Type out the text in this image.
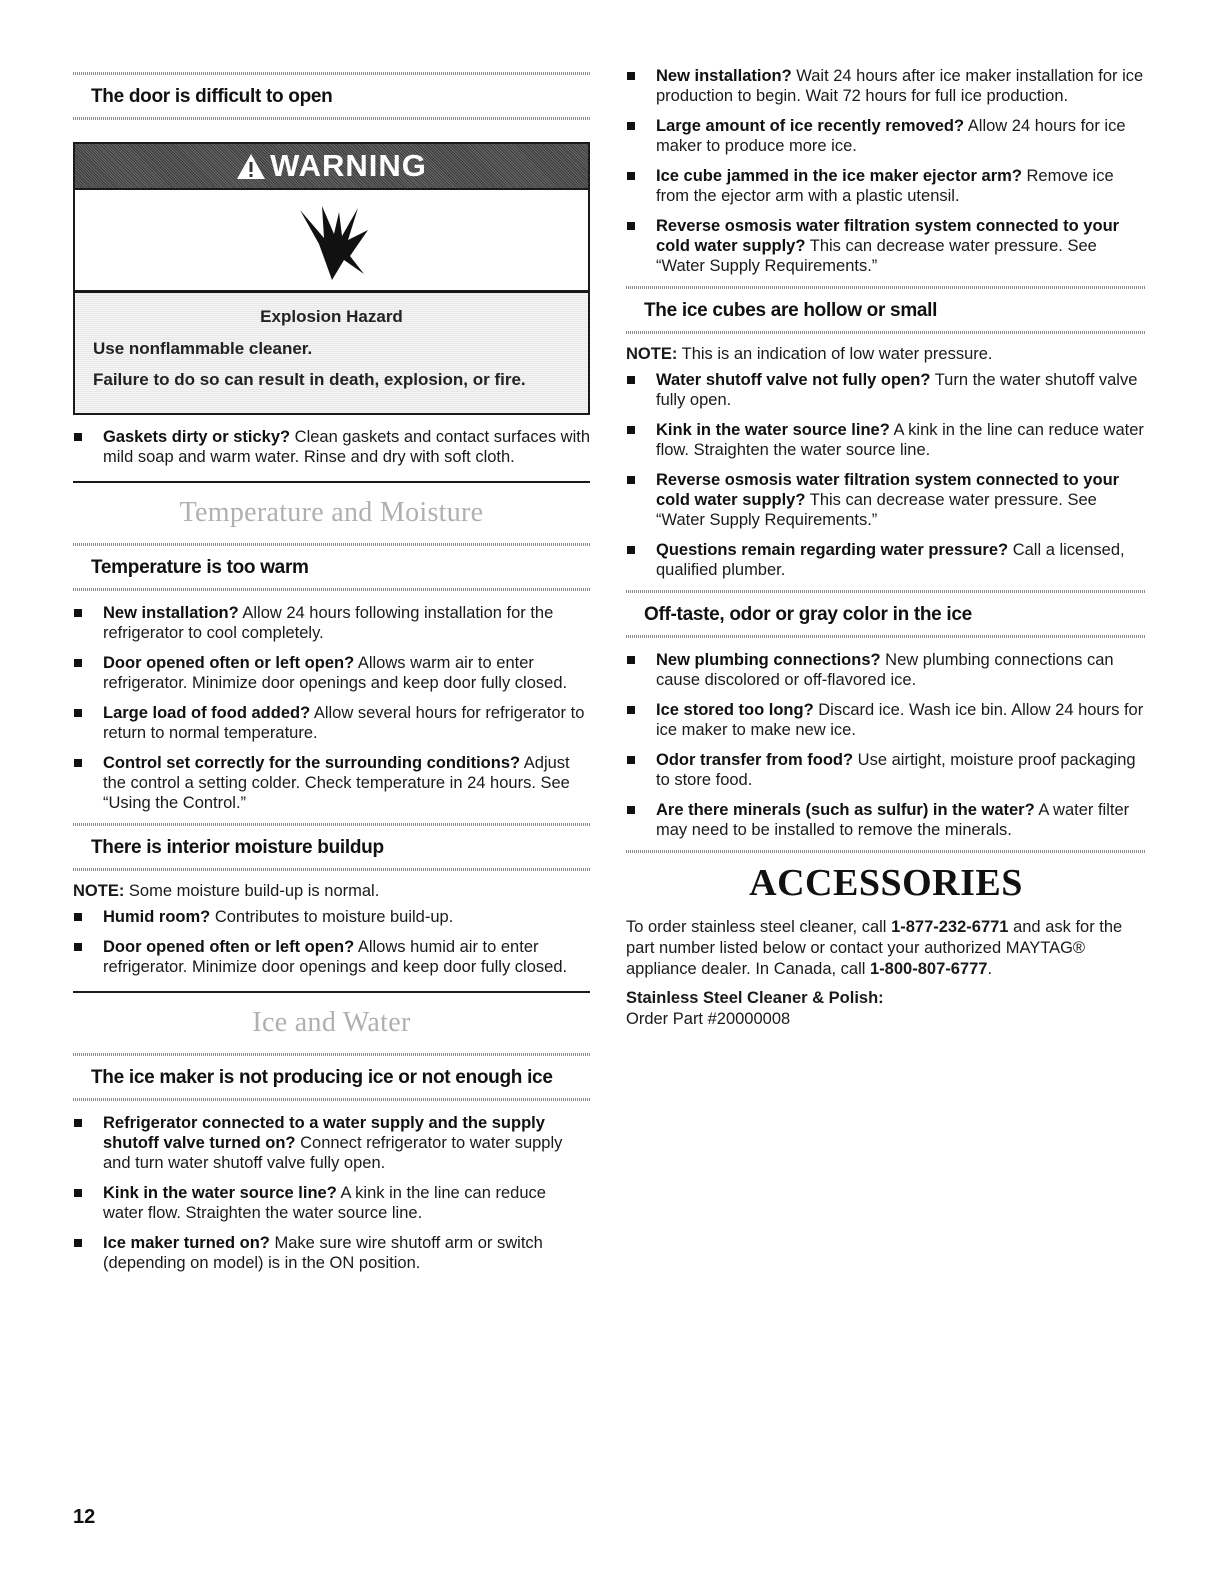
The door is difficult to open
WARNING
Explosion Hazard

Use nonflammable cleaner.

Failure to do so can result in death, explosion, or fire.

Gaskets dirty or sticky? Clean gaskets and contact surfaces with mild soap and warm water. Rinse and dry with soft cloth.
Temperature and Moisture
Temperature is too warm
New installation? Allow 24 hours following installation for the refrigerator to cool completely.
Door opened often or left open? Allows warm air to enter refrigerator. Minimize door openings and keep door fully closed.
Large load of food added? Allow several hours for refrigerator to return to normal temperature.
Control set correctly for the surrounding conditions? Adjust the control a setting colder. Check temperature in 24 hours. See “Using the Control.”
There is interior moisture buildup

NOTE: Some moisture build-up is normal.

Humid room? Contributes to moisture build-up.
Door opened often or left open? Allows humid air to enter refrigerator. Minimize door openings and keep door fully closed.
Ice and Water
The ice maker is not producing ice or not enough ice
Refrigerator connected to a water supply and the supply shutoff valve turned on? Connect refrigerator to water supply and turn water shutoff valve fully open.
Kink in the water source line? A kink in the line can reduce water flow. Straighten the water source line.
Ice maker turned on? Make sure wire shutoff arm or switch (depending on model) is in the ON position.
New installation? Wait 24 hours after ice maker installation for ice production to begin. Wait 72 hours for full ice production.
Large amount of ice recently removed? Allow 24 hours for ice maker to produce more ice.
Ice cube jammed in the ice maker ejector arm? Remove ice from the ejector arm with a plastic utensil.
Reverse osmosis water filtration system connected to your cold water supply? This can decrease water pressure. See “Water Supply Requirements.”
The ice cubes are hollow or small

NOTE: This is an indication of low water pressure.

Water shutoff valve not fully open? Turn the water shutoff valve fully open.
Kink in the water source line? A kink in the line can reduce water flow. Straighten the water source line.
Reverse osmosis water filtration system connected to your cold water supply? This can decrease water pressure. See “Water Supply Requirements.”
Questions remain regarding water pressure? Call a licensed, qualified plumber.
Off-taste, odor or gray color in the ice
New plumbing connections? New plumbing connections can cause discolored or off-flavored ice.
Ice stored too long? Discard ice. Wash ice bin. Allow 24 hours for ice maker to make new ice.
Odor transfer from food? Use airtight, moisture proof packaging to store food.
Are there minerals (such as sulfur) in the water? A water filter may need to be installed to remove the minerals.
ACCESSORIES

To order stainless steel cleaner, call 1-877-232-6771 and ask for the part number listed below or contact your authorized MAYTAG® appliance dealer. In Canada, call 1-800-807-6777.

Stainless Steel Cleaner & Polish:

Order Part #20000008

12
